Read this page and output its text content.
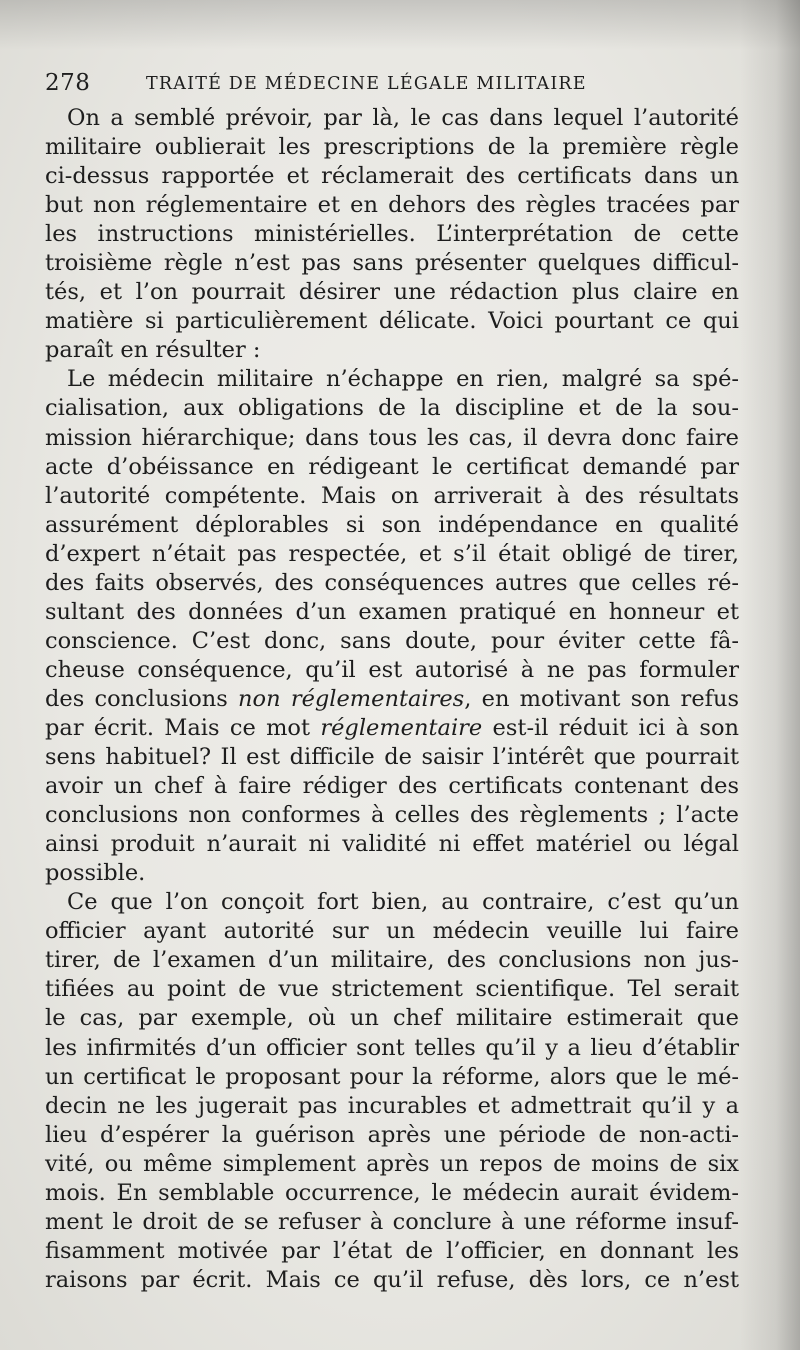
278	TRAITÉ DE MÉDECINE LÉGALE MILITAIRE
On a semblé prévoir, par là, le cas dans lequel l’autorité
militaire oublierait les prescriptions de la première règle
ci-dessus rapportée et réclamerait des certificats dans un
but non réglementaire et en dehors des règles tracées par
les instructions ministérielles. L’interprétation de cette
troisième règle n’est pas sans présenter quelques difficul-
tés, et l’on pourrait désirer une rédaction plus claire en
matière si particulièrement délicate. Voici pourtant ce qui
paraît en résulter :
Le médecin militaire n’échappe en rien, malgré sa spé-
cialisation, aux obligations de la discipline et de la sou-
mission hiérarchique; dans tous les cas, il devra donc faire
acte d’obéissance en rédigeant le certificat demandé par
l’autorité compétente. Mais on arriverait à des résultats
assurément déplorables si son indépendance en qualité
d’expert n’était pas respectée, et s’il était obligé de tirer,
des faits observés, des conséquences autres que celles ré-
sultant des données d’un examen pratiqué en honneur et
conscience. C’est donc, sans doute, pour éviter cette fâ-
cheuse conséquence, qu’il est autorisé à ne pas formuler
des conclusions non réglementaires, en motivant son refus
par écrit. Mais ce mot réglementaire est-il réduit ici à son
sens habituel? Il est difficile de saisir l’intérêt que pourrait
avoir un chef à faire rédiger des certificats contenant des
conclusions non conformes à celles des règlements ; l’acte
ainsi produit n’aurait ni validité ni effet matériel ou légal
possible.
Ce que l’on conçoit fort bien, au contraire, c’est qu’un
officier ayant autorité sur un médecin veuille lui faire
tirer, de l’examen d’un militaire, des conclusions non jus-
tifiées au point de vue strictement scientifique. Tel serait
le cas, par exemple, où un chef militaire estimerait que
les infirmités d’un officier sont telles qu’il y a lieu d’établir
un certificat le proposant pour la réforme, alors que le mé-
decin ne les jugerait pas incurables et admettrait qu’il y a
lieu d’espérer la guérison après une période de non-acti-
vité, ou même simplement après un repos de moins de six
mois. En semblable occurrence, le médecin aurait évidem-
ment le droit de se refuser à conclure à une réforme insuf-
fisamment motivée par l’état de l’officier, en donnant les
raisons par écrit. Mais ce qu’il refuse, dès lors, ce n’est
